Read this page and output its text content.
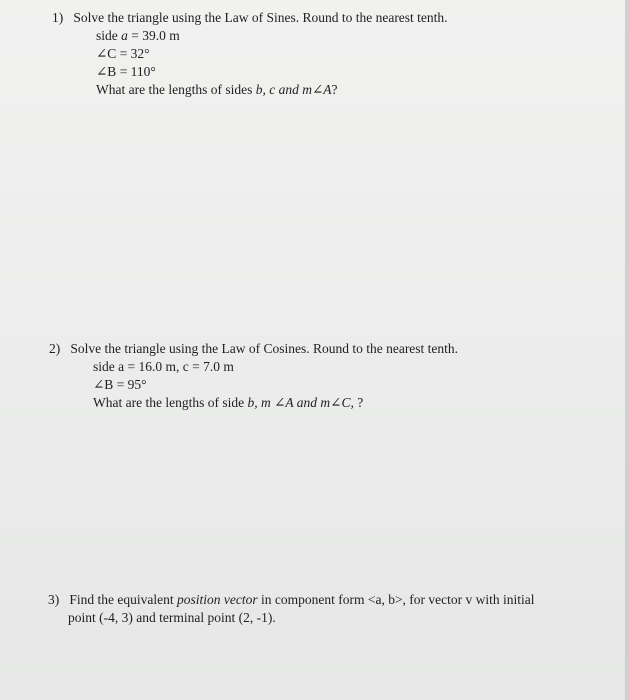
1) Solve the triangle using the Law of Sines. Round to the nearest tenth.
side a = 39.0 m
∠C = 32°
∠B = 110°
What are the lengths of sides b, c and m∠A?
2) Solve the triangle using the Law of Cosines. Round to the nearest tenth.
side a = 16.0 m, c = 7.0 m
∠B = 95°
What are the lengths of side b, m ∠A and m∠C, ?
3) Find the equivalent position vector in component form <a, b>, for vector v with initial
point (-4, 3) and terminal point (2, -1).
